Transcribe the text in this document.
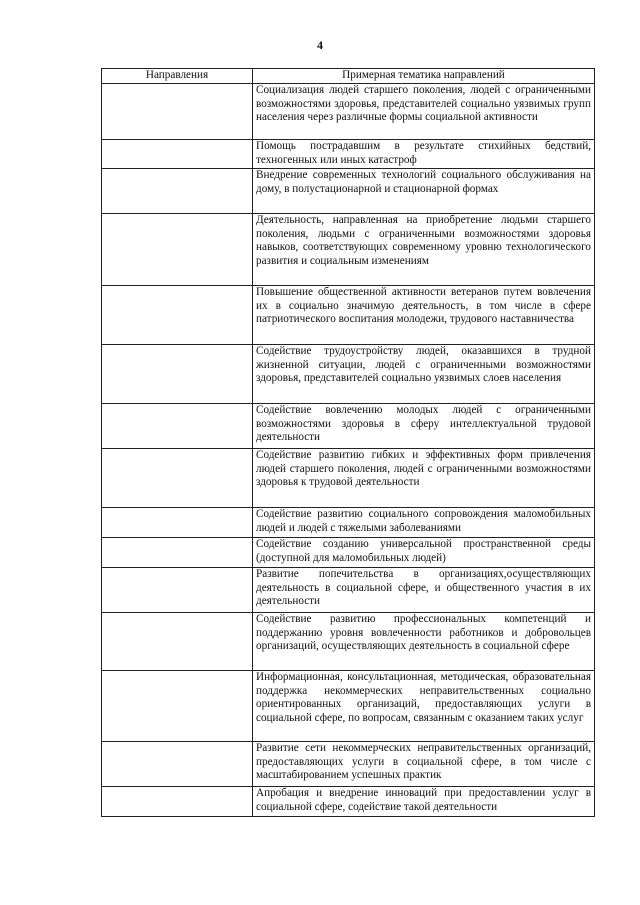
4
Направления	Примерная тематика направлений
	Социализация людей старшего поколения, людей с ограниченными возможностями здоровья, представителей социально уязвимых групп населения через различные формы социальной активности
	Помощь пострадавшим в результате стихийных бедствий, техногенных или иных катастроф
	Внедрение современных технологий социального обслуживания на дому, в полустационарной и стационарной формах
	Деятельность, направленная на приобретение людьми старшего поколения, людьми с ограниченными возможностями здоровья навыков, соответствующих современному уровню технологического развития и социальным изменениям
	Повышение общественной активности ветеранов путем вовлечения их в социально значимую деятельность, в том числе в сфере патриотического воспитания молодежи, трудового наставничества
	Содействие трудоустройству людей, оказавшихся в трудной жизненной ситуации, людей с ограниченными возможностями здоровья, представителей социально уязвимых слоев населения
	Содействие вовлечению молодых людей с ограниченными возможностями здоровья в сферу интеллектуальной трудовой деятельности
	Содействие развитию гибких и эффективных форм привлечения людей старшего поколения, людей с ограниченными возможностями здоровья к трудовой деятельности
	Содействие развитию социального сопровождения маломобильных людей и людей с тяжелыми заболеваниями
	Содействие созданию универсальной пространственной среды (доступной для маломобильных людей)
	Развитие попечительства в организациях,осуществляющих деятельность в социальной сфере, и общественного участия в их деятельности
	Содействие развитию профессиональных компетенций и поддержанию уровня вовлеченности работников и добровольцев организаций, осуществляющих деятельность в социальной сфере
	Информационная, консультационная, методическая, образовательная поддержка некоммерческих неправительственных социально ориентированных организаций, предоставляющих услуги в социальной сфере, по вопросам, связанным с оказанием таких услуг
	Развитие сети некоммерческих неправительственных организаций, предоставляющих услуги в социальной сфере, в том числе с масштабированием успешных практик
	Апробация и внедрение инноваций при предоставлении услуг в социальной сфере, содействие такой деятельности
